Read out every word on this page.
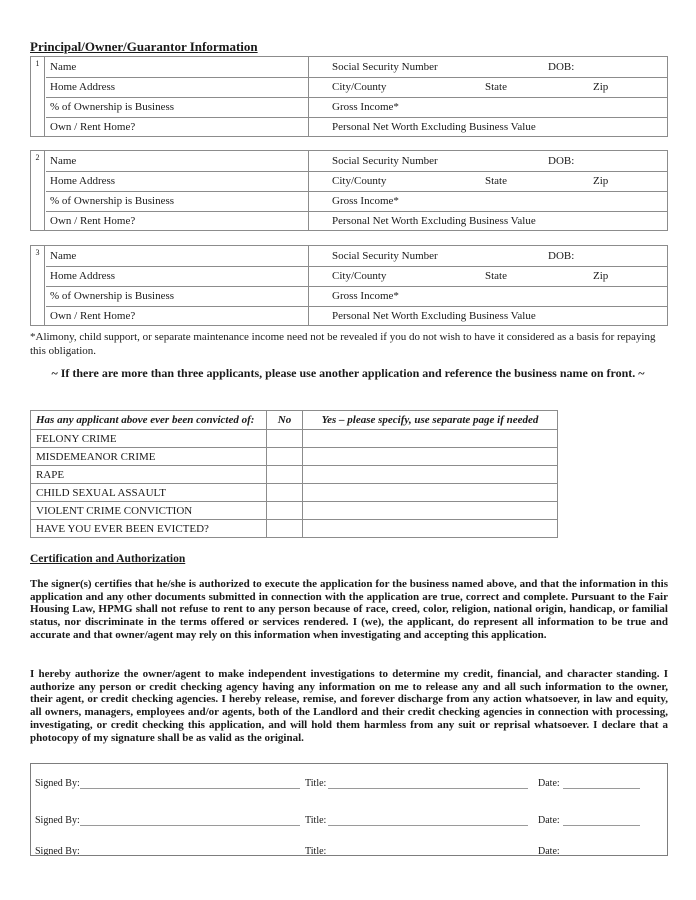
Principal/Owner/Guarantor Information
1 Name	Social Security Number	DOB:
Home Address	City/County	State	Zip
% of Ownership is Business	Gross Income*
Own / Rent Home?	Personal Net Worth Excluding Business Value
2 Name	Social Security Number	DOB:
Home Address	City/County	State	Zip
% of Ownership is Business	Gross Income*
Own / Rent Home?	Personal Net Worth Excluding Business Value
3 Name	Social Security Number	DOB:
Home Address	City/County	State	Zip
% of Ownership is Business	Gross Income*
Own / Rent Home?	Personal Net Worth Excluding Business Value
*Alimony, child support, or separate maintenance income need not be revealed if you do not wish to have it considered as a basis for repaying this obligation.
~ If there are more than three applicants, please use another application and reference the business name on front. ~
Has any applicant above ever been convicted of:	No	Yes – please specify, use separate page if needed
FELONY CRIME		
MISDEMEANOR CRIME		
RAPE		
CHILD SEXUAL ASSAULT		
VIOLENT CRIME CONVICTION		
HAVE YOU EVER BEEN EVICTED?		
Certification and Authorization
The signer(s) certifies that he/she is authorized to execute the application for the business named above, and that the information in this application and any other documents submitted in connection with the application are true, correct and complete. Pursuant to the Fair Housing Law, HPMG shall not refuse to rent to any person because of race, creed, color, religion, national origin, handicap, or familial status, nor discriminate in the terms offered or services rendered. I (we), the applicant, do represent all information to be true and accurate and that owner/agent may rely on this information when investigating and accepting this application.
I hereby authorize the owner/agent to make independent investigations to determine my credit, financial, and character standing. I authorize any person or credit checking agency having any information on me to release any and all such information to the owner, their agent, or credit checking agencies. I hereby release, remise, and forever discharge from any action whatsoever, in law and equity, all owners, managers, employees and/or agents, both of the Landlord and their credit checking agencies in connection with processing, investigating, or credit checking this application, and will hold them harmless from any suit or reprisal whatsoever. I declare that a photocopy of my signature shall be as valid as the original.
Signed By:	Title:	Date:
Signed By:	Title:	Date:
Signed By:	Title:	Date:
